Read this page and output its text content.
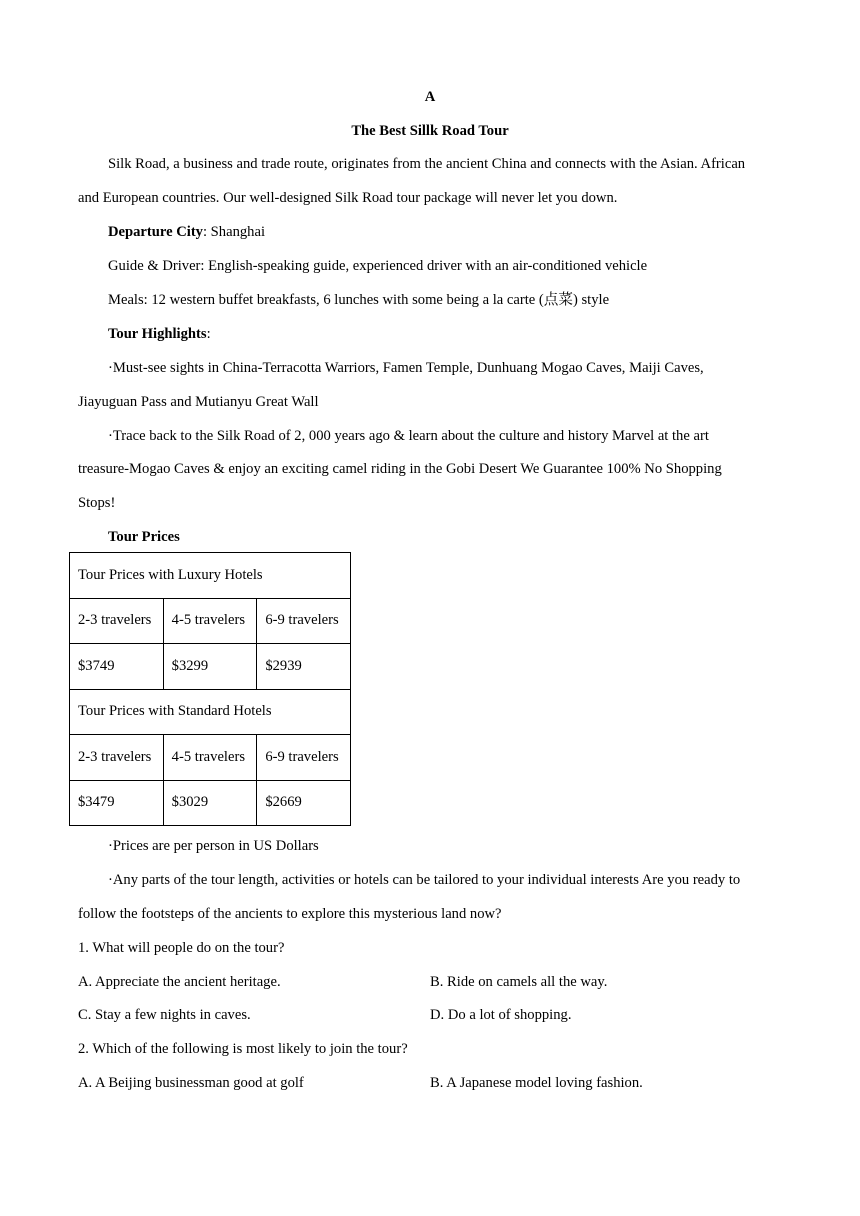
A
The Best Sillk Road Tour
Silk Road, a business and trade route, originates from the ancient China and connects with the Asian. African
and European countries. Our well-designed Silk Road tour package will never let you down.
Departure City: Shanghai
Guide & Driver: English-speaking guide, experienced driver with an air-conditioned vehicle
Meals: 12 western buffet breakfasts, 6 lunches with some being a la carte (点菜) style
Tour Highlights:
·Must-see sights in China-Terracotta Warriors, Famen Temple, Dunhuang Mogao Caves, Maiji Caves,
Jiayuguan Pass and Mutianyu Great Wall
·Trace back to the Silk Road of 2, 000 years ago & learn about the culture and history Marvel at the art
treasure-Mogao Caves & enjoy an exciting camel riding in the Gobi Desert We Guarantee 100% No Shopping
Stops!
Tour Prices
Tour Prices with Luxury Hotels		
2-3 travelers	4-5 travelers	6-9 travelers
$3749	$3299	$2939
Tour Prices with Standard Hotels		
2-3 travelers	4-5 travelers	6-9 travelers
$3479	$3029	$2669
·Prices are per person in US Dollars
·Any parts of the tour length, activities or hotels can be tailored to your individual interests Are you ready to
follow the footsteps of the ancients to explore this mysterious land now?
1. What will people do on the tour?
A. Appreciate the ancient heritage.	B. Ride on camels all the way.
C. Stay a few nights in caves.	D. Do a lot of shopping.
2. Which of the following is most likely to join the tour?
A. A Beijing businessman good at golf	B. A Japanese model loving fashion.
